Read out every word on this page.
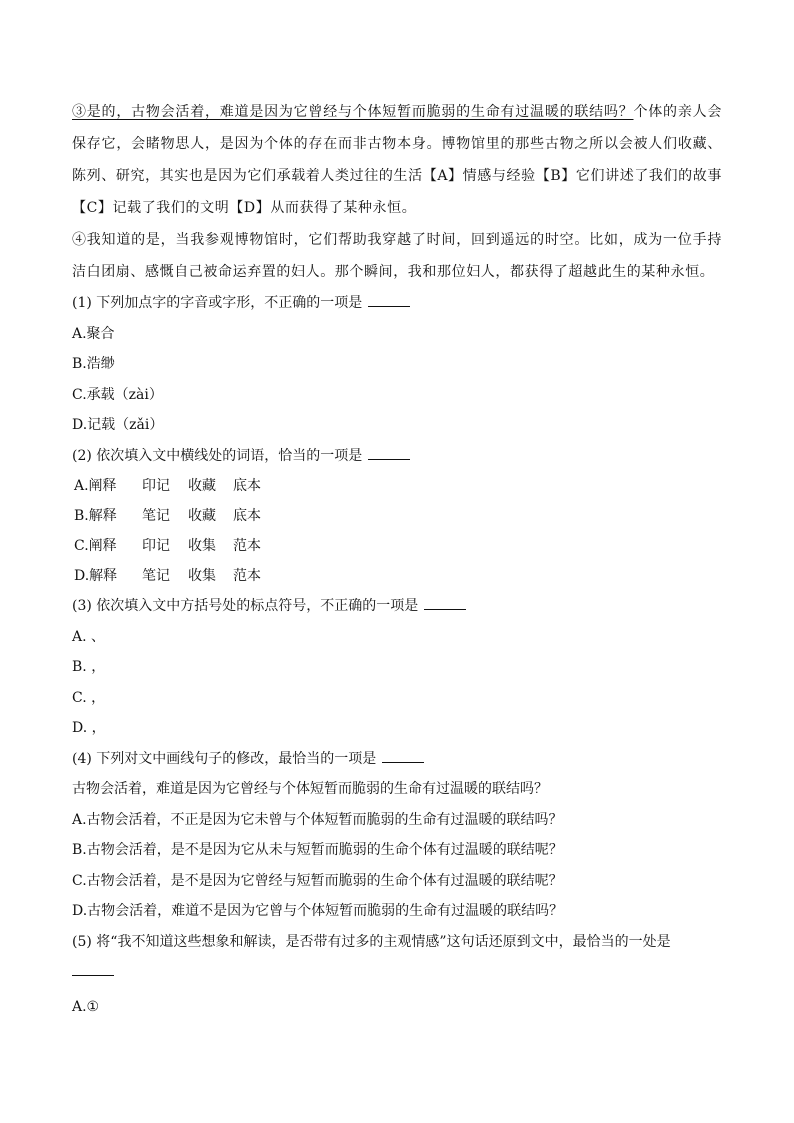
③是的，古物会活着，难道是因为它曾经与个体短暂而脆弱的生命有过温暖的联结吗？个体的亲人会保存它，会睹物思人，是因为个体的存在而非古物本身。博物馆里的那些古物之所以会被人们收藏、陈列、研究，其实也是因为它们承载着人类过往的生活【A】情感与经验【B】它们讲述了我们的故事【C】记载了我们的文明【D】从而获得了某种永恒。

④我知道的是，当我参观博物馆时，它们帮助我穿越了时间，回到遥远的时空。比如，成为一位手持洁白团扇、感慨自己被命运弃置的妇人。那个瞬间，我和那位妇人，都获得了超越此生的某种永恒。

(1) 下列加点字的字音或字形，不正确的一项是
A.聚合
B.浩缈
C.承载（zài）
D.记载（zǎi）
(2) 依次填入文中横线处的词语，恰当的一项是
A.阐释	印记	收藏	底本
B.解释	笔记	收藏	底本
C.阐释	印记	收集	范本
D.解释	笔记	收集	范本
(3) 依次填入文中方括号处的标点符号，不正确的一项是
A. 、
B. ，
C. ，
D. ，
(4) 下列对文中画线句子的修改，最恰当的一项是
古物会活着，难道是因为它曾经与个体短暂而脆弱的生命有过温暖的联结吗？
A.古物会活着，不正是因为它未曾与个体短暂而脆弱的生命有过温暖的联结吗？
B.古物会活着，是不是因为它从未与短暂而脆弱的生命个体有过温暖的联结呢？
C.古物会活着，是不是因为它曾经与短暂而脆弱的生命个体有过温暖的联结呢？
D.古物会活着，难道不是因为它曾与个体短暂而脆弱的生命有过温暖的联结吗？
(5) 将“我不知道这些想象和解读，是否带有过多的主观情感”这句话还原到文中，最恰当的一处是
A.①
